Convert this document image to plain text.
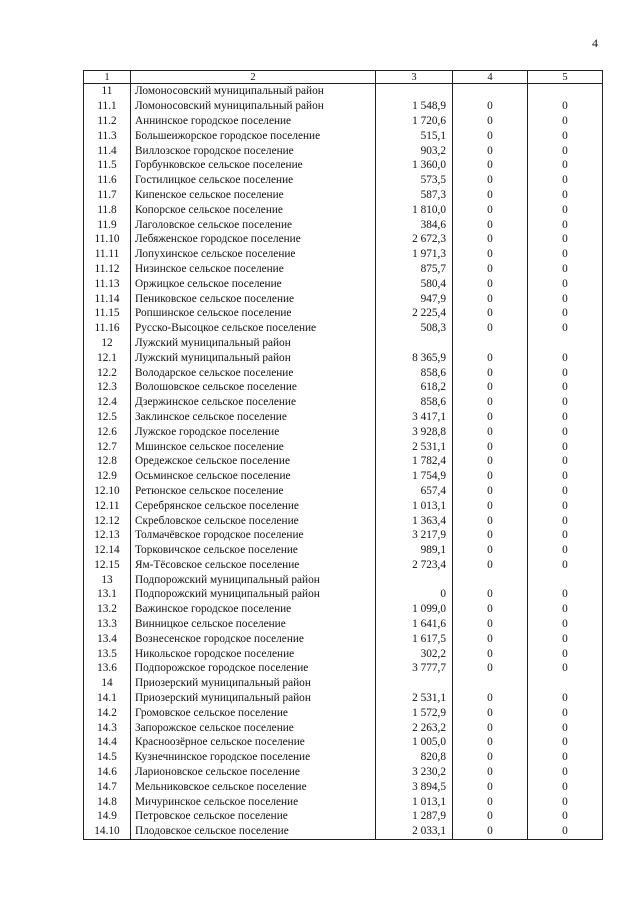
4
1	2	3	4	5
11	Ломоносовский муниципальный район			
11.1	Ломоносовский муниципальный район	1 548,9	0	0
11.2	Аннинское городское поселение	1 720,6	0	0
11.3	Большеижорское городское поселение	515,1	0	0
11.4	Виллозское городское поселение	903,2	0	0
11.5	Горбунковское сельское поселение	1 360,0	0	0
11.6	Гостилицкое сельское поселение	573,5	0	0
11.7	Кипенское сельское поселение	587,3	0	0
11.8	Копорское сельское поселение	1 810,0	0	0
11.9	Лаголовское сельское поселение	384,6	0	0
11.10	Лебяженское городское поселение	2 672,3	0	0
11.11	Лопухинское сельское поселение	1 971,3	0	0
11.12	Низинское сельское поселение	875,7	0	0
11.13	Оржицкое сельское поселение	580,4	0	0
11.14	Пениковское сельское поселение	947,9	0	0
11.15	Ропшинское сельское поселение	2 225,4	0	0
11.16	Русско-Высоцкое сельское поселение	508,3	0	0
12	Лужский муниципальный район			
12.1	Лужский муниципальный район	8 365,9	0	0
12.2	Володарское сельское поселение	858,6	0	0
12.3	Волошовское сельское поселение	618,2	0	0
12.4	Дзержинское сельское поселение	858,6	0	0
12.5	Заклинское сельское поселение	3 417,1	0	0
12.6	Лужское городское поселение	3 928,8	0	0
12.7	Мшинское сельское поселение	2 531,1	0	0
12.8	Оредежское сельское поселение	1 782,4	0	0
12.9	Осьминское сельское поселение	1 754,9	0	0
12.10	Ретюнское сельское поселение	657,4	0	0
12.11	Серебрянское сельское поселение	1 013,1	0	0
12.12	Скребловское сельское поселение	1 363,4	0	0
12.13	Толмачёвское городское поселение	3 217,9	0	0
12.14	Торковичское сельское поселение	989,1	0	0
12.15	Ям-Тёсовское сельское поселение	2 723,4	0	0
13	Подпорожский муниципальный район			
13.1	Подпорожский муниципальный район	0	0	0
13.2	Важинское городское поселение	1 099,0	0	0
13.3	Винницкое сельское поселение	1 641,6	0	0
13.4	Вознесенское городское поселение	1 617,5	0	0
13.5	Никольское городское поселение	302,2	0	0
13.6	Подпорожское городское поселение	3 777,7	0	0
14	Приозерский муниципальный район			
14.1	Приозерский муниципальный район	2 531,1	0	0
14.2	Громовское сельское поселение	1 572,9	0	0
14.3	Запорожское сельское поселение	2 263,2	0	0
14.4	Красноозёрное сельское поселение	1 005,0	0	0
14.5	Кузнечнинское городское поселение	820,8	0	0
14.6	Ларионовское сельское поселение	3 230,2	0	0
14.7	Мельниковское сельское поселение	3 894,5	0	0
14.8	Мичуринское сельское поселение	1 013,1	0	0
14.9	Петровское сельское поселение	1 287,9	0	0
14.10	Плодовское сельское поселение	2 033,1	0	0
